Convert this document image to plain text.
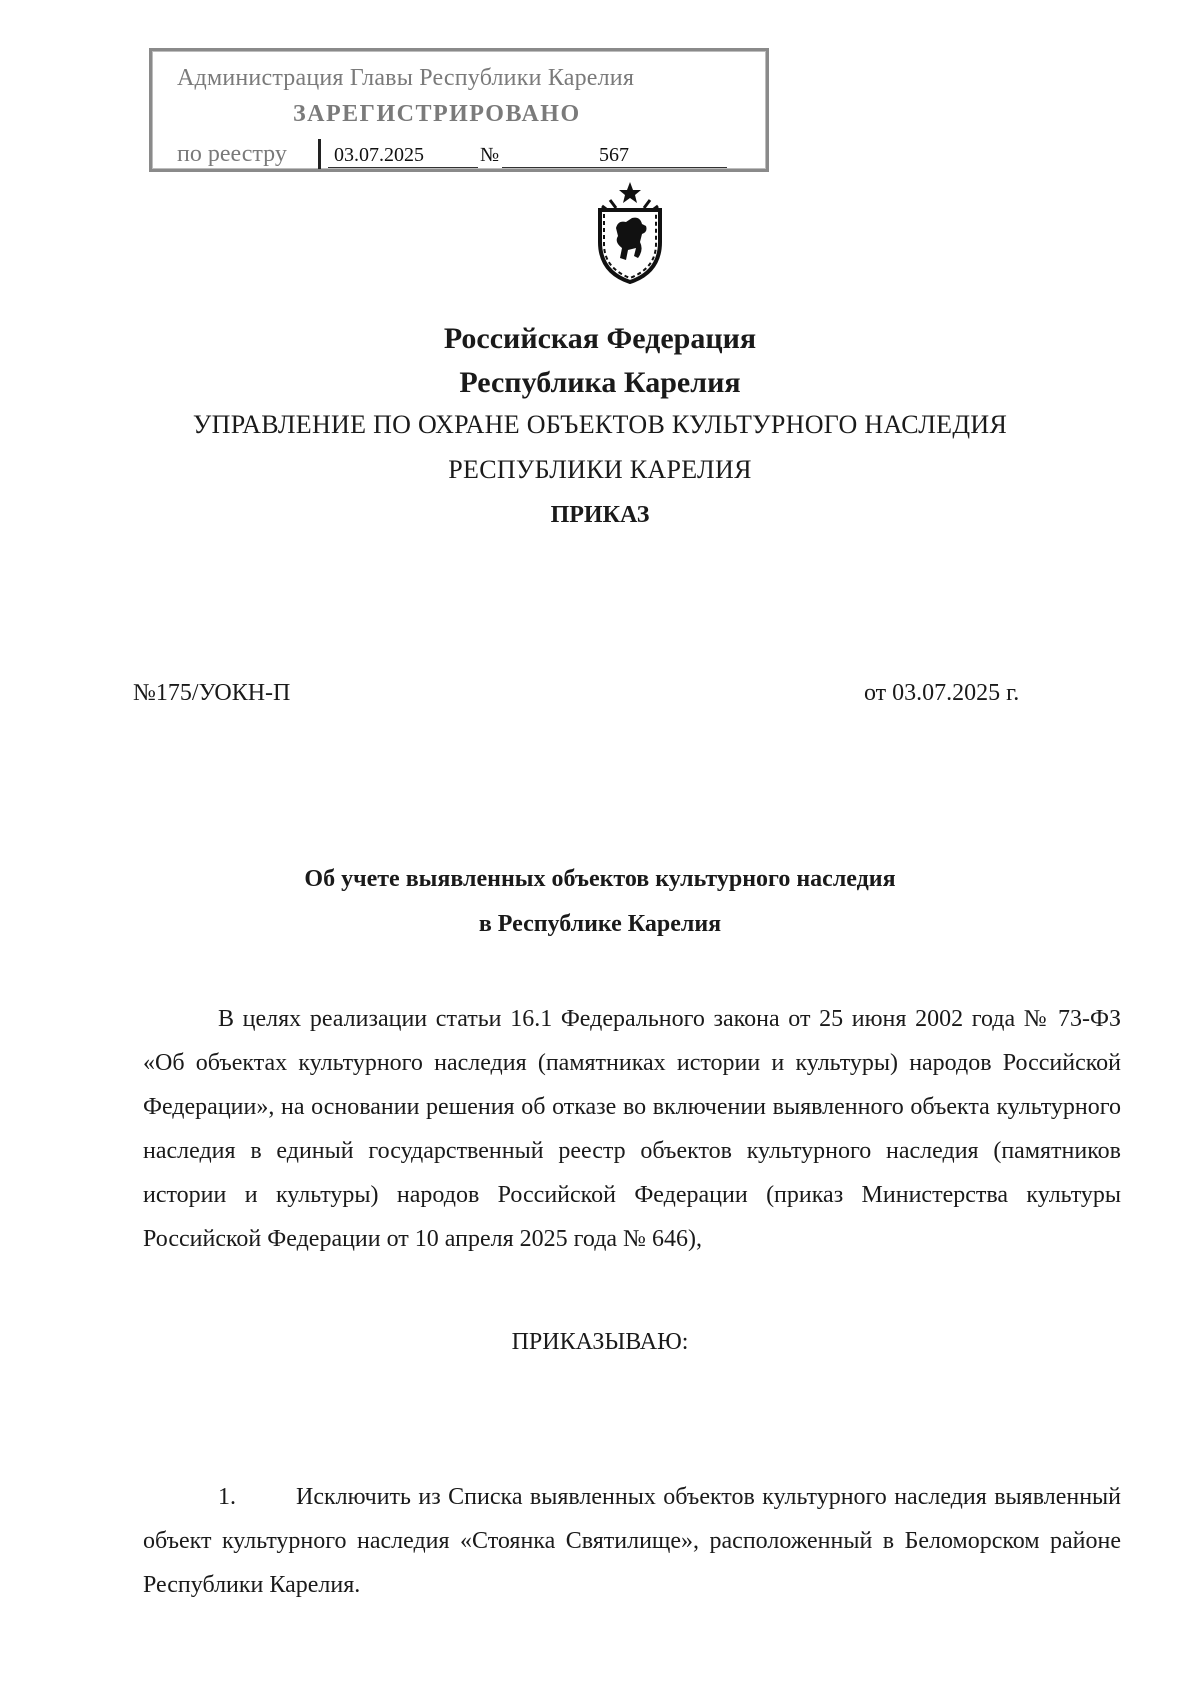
Администрация Главы Республики Карелия
ЗАРЕГИСТРИРОВАНО
по реестру 03.07.2025	№	567
Российская Федерация
Республика Карелия
УПРАВЛЕНИЕ ПО ОХРАНЕ ОБЪЕКТОВ КУЛЬТУРНОГО НАСЛЕДИЯ
РЕСПУБЛИКИ КАРЕЛИЯ
ПРИКАЗ
№175/УОКН-П	от 03.07.2025 г.
Об учете выявленных объектов культурного наследия
в Республике Карелия
В целях реализации статьи 16.1 Федерального закона от 25 июня 2002 года № 73-ФЗ «Об объектах культурного наследия (памятниках истории и культуры) народов Российской Федерации», на основании решения об отказе во включении выявленного объекта культурного наследия в единый государственный реестр объектов культурного наследия (памятников истории и культуры) народов Российской Федерации (приказ Министерства культуры Российской Федерации от 10 апреля 2025 года № 646),
ПРИКАЗЫВАЮ:
1.	Исключить из Списка выявленных объектов культурного наследия выявленный объект культурного наследия «Стоянка Святилище», расположенный в Беломорском районе Республики Карелия.
